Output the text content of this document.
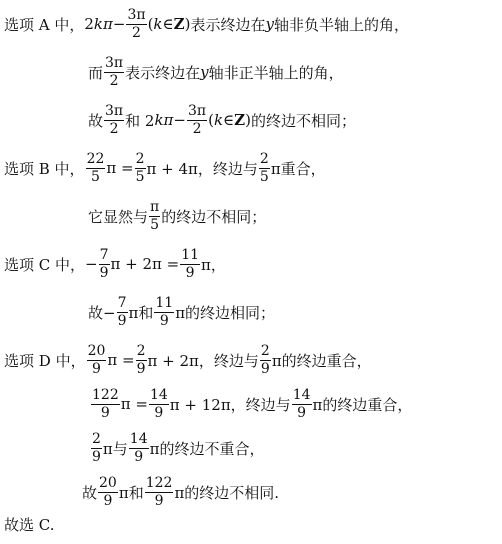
选项 A 中， 2 $k\pi - \frac{3\pi}{2}$ ( k ∈ Z ) 表示终边在 y 轴非负半轴上的角，
而 $\frac{3\pi}{2}$ 表示终边在 y 轴非正半轴上的角，
故 $\frac{3\pi}{2}$ 和 2 $k\pi - \frac{3\pi}{2}$ ( k ∈ Z ) 的终边不相同；
选项 B 中， $\frac{22}{5}$ $\pi = \frac{2}{5}$ π + 4π，终边与 $\frac{2}{5}$ π重合，
它显然与 $\frac{\pi}{5}$ 的终边不相同；
选项 C 中， − $\frac{7}{9}$ $\pi + 2\pi = \frac{11}{9}$ π，
故− $\frac{7}{9}$ π和 $\frac{11}{9}$ π的终边相同；
选项 D 中， $\frac{20}{9}$ $\pi = \frac{2}{9}$ π + 2π，终边与 $\frac{2}{9}$ π的终边重合，
$\frac{122}{9}$ $\pi = \frac{14}{9}$ π + 12π，终边与 $\frac{14}{9}$ π的终边重合，
$\frac{2}{9}$ π与 $\frac{14}{9}$ π的终边不重合，
故 $\frac{20}{9}$ π和 $\frac{122}{9}$ π的终边不相同.
故选 C.
